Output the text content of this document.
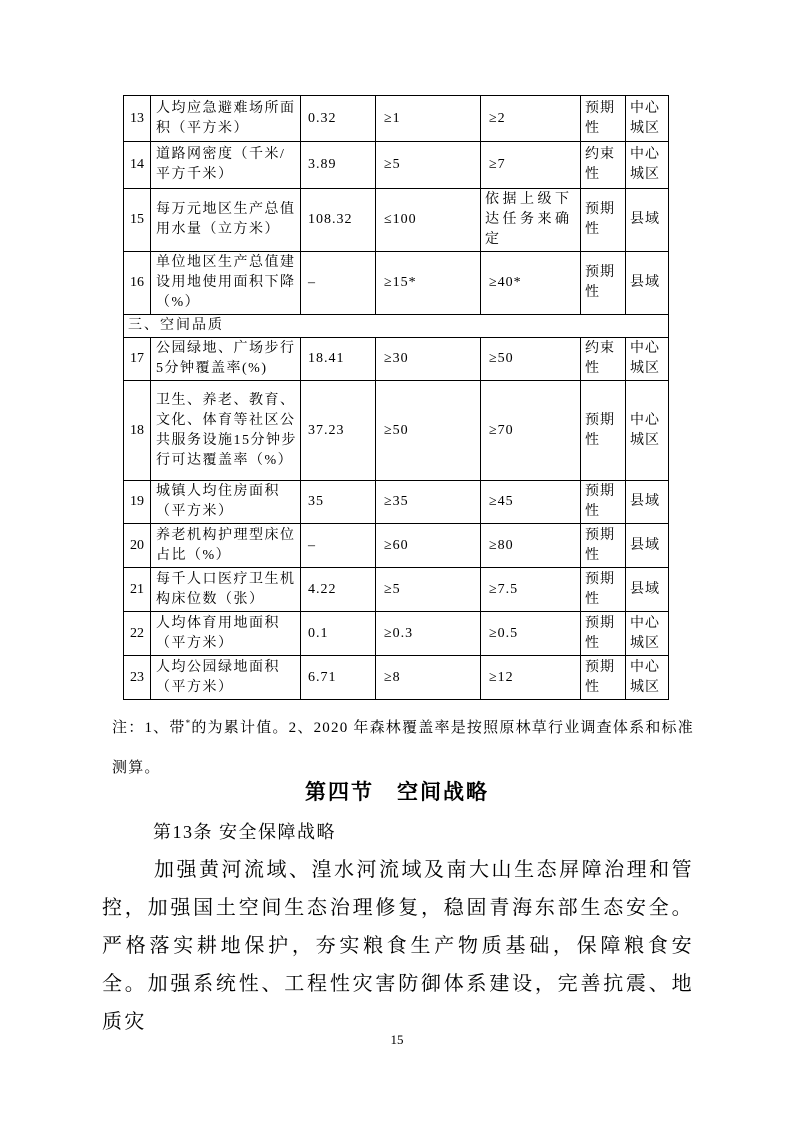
13	人均应急避难场所面积（平方米）	0.32	≥1	≥2	预期性	中心城区
14	道路网密度（千米/平方千米）	3.89	≥5	≥7	约束性	中心城区
15	每万元地区生产总值用水量（立方米）	108.32	≤100	依据上级下达任务来确定	预期性	县域
16	单位地区生产总值建设用地使用面积下降（%）	–	≥15*	≥40*	预期性	县域
三、空间品质						
17	公园绿地、广场步行5分钟覆盖率(%)	18.41	≥30	≥50	约束性	中心城区
18	卫生、养老、教育、文化、体育等社区公共服务设施15分钟步行可达覆盖率（%）	37.23	≥50	≥70	预期性	中心城区
19	城镇人均住房面积（平方米）	35	≥35	≥45	预期性	县域
20	养老机构护理型床位占比（%）	–	≥60	≥80	预期性	县域
21	每千人口医疗卫生机构床位数（张）	4.22	≥5	≥7.5	预期性	县域
22	人均体育用地面积（平方米）	0.1	≥0.3	≥0.5	预期性	中心城区
23	人均公园绿地面积（平方米）	6.71	≥8	≥12	预期性	中心城区
注：1、带*的为累计值。2、2020 年森林覆盖率是按照原林草行业调查体系和标准测算。
第四节　空间战略
第13条 安全保障战略
加强黄河流域、湟水河流域及南大山生态屏障治理和管控，加强国土空间生态治理修复，稳固青海东部生态安全。严格落实耕地保护，夯实粮食生产物质基础，保障粮食安全。加强系统性、工程性灾害防御体系建设，完善抗震、地质灾
15
